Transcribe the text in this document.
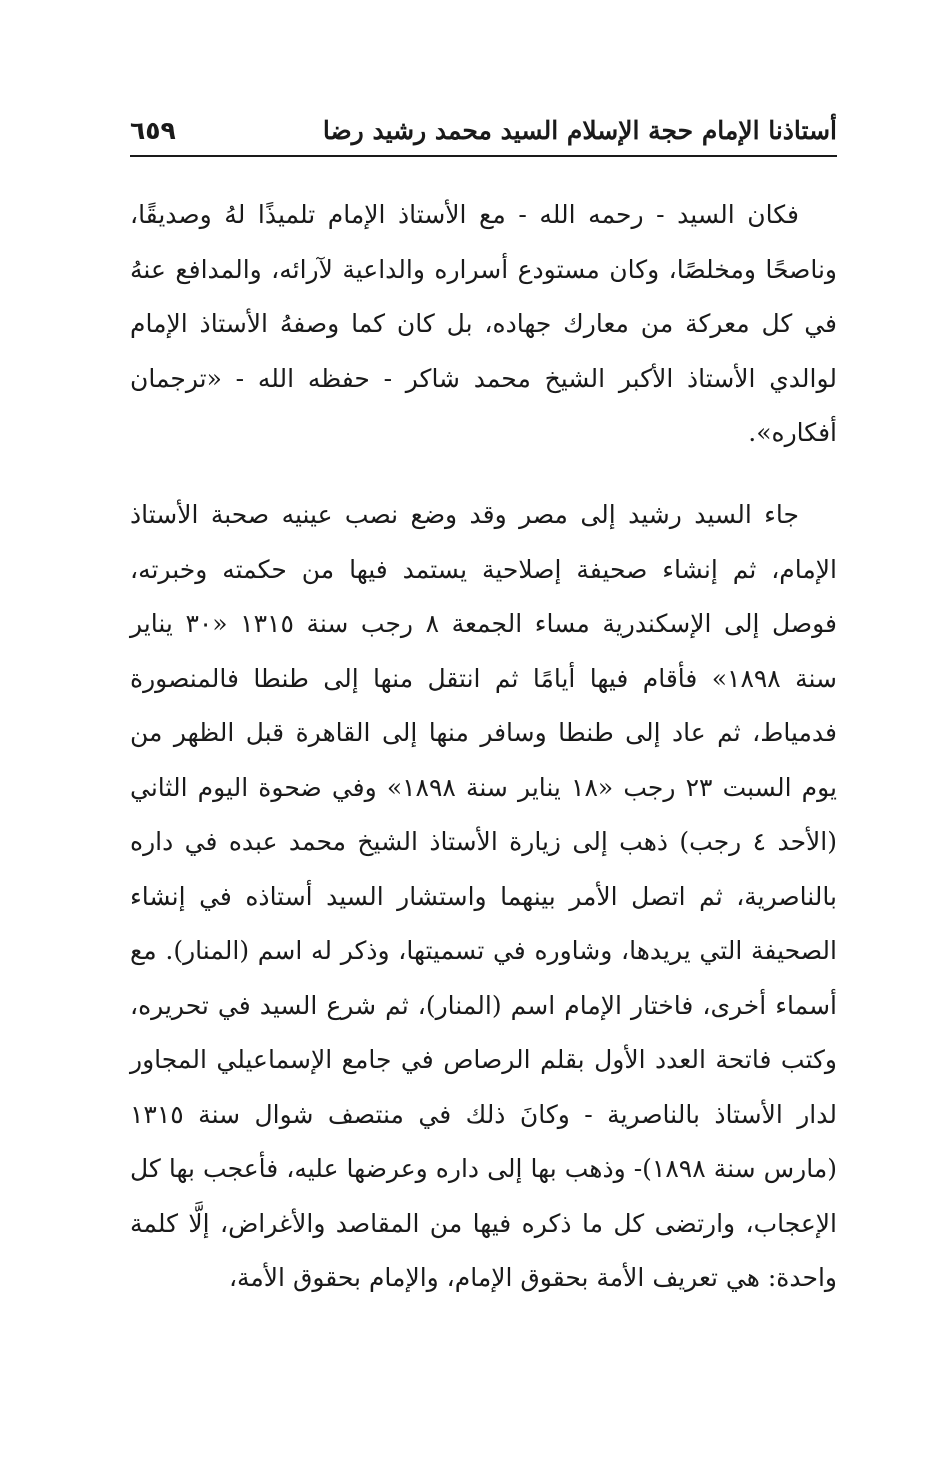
أستاذنا الإمام حجة الإسلام السيد محمد رشيد رضا
٦٥٩

فكان السيد - رحمه الله - مع الأستاذ الإمام تلميذًا لهُ وصديقًا، وناصحًا ومخلصًا، وكان مستودع أسراره والداعية لآرائه، والمدافع عنهُ في كل معركة من معارك جهاده، بل كان كما وصفهُ الأستاذ الإمام لوالدي الأستاذ الأكبر الشيخ محمد شاكر - حفظه الله - «ترجمان أفكاره».

جاء السيد رشيد إلى مصر وقد وضع نصب عينيه صحبة الأستاذ الإمام، ثم إنشاء صحيفة إصلاحية يستمد فيها من حكمته وخبرته، فوصل إلى الإسكندرية مساء الجمعة ٨ رجب سنة ١٣١٥ «٣٠ يناير سنة ١٨٩٨» فأقام فيها أيامًا ثم انتقل منها إلى طنطا فالمنصورة فدمياط، ثم عاد إلى طنطا وسافر منها إلى القاهرة قبل الظهر من يوم السبت ٢٣ رجب «١٨ يناير سنة ١٨٩٨» وفي ضحوة اليوم الثاني (الأحد ٤ رجب) ذهب إلى زيارة الأستاذ الشيخ محمد عبده في داره بالناصرية، ثم اتصل الأمر بينهما واستشار السيد أستاذه في إنشاء الصحيفة التي يريدها، وشاوره في تسميتها، وذكر له اسم (المنار). مع أسماء أخرى، فاختار الإمام اسم (المنار)، ثم شرع السيد في تحريره، وكتب فاتحة العدد الأول بقلم الرصاص في جامع الإسماعيلي المجاور لدار الأستاذ بالناصرية - وكانَ ذلك في منتصف شوال سنة ١٣١٥ (مارس سنة ١٨٩٨)- وذهب بها إلى داره وعرضها عليه، فأعجب بها كل الإعجاب، وارتضى كل ما ذكره فيها من المقاصد والأغراض، إلَّا كلمة واحدة: هي تعريف الأمة بحقوق الإمام، والإمام بحقوق الأمة،
